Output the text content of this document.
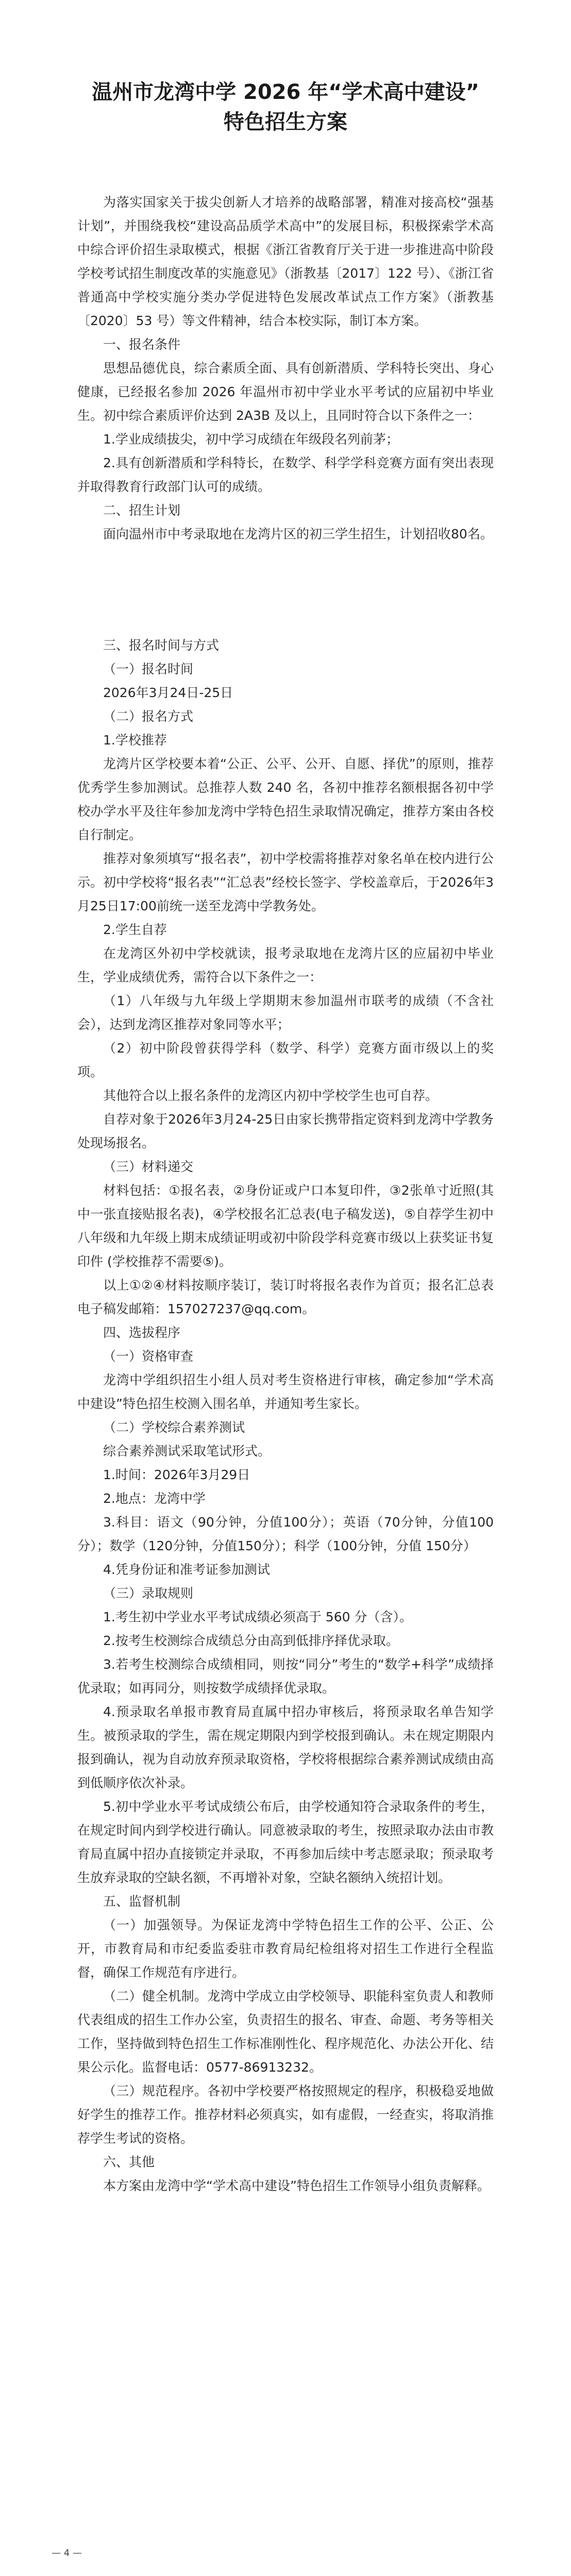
温州市龙湾中学 2026 年“学术高中建设”
特色招生方案

为落实国家关于拔尖创新人才培养的战略部署，精准对接高校“强基计划”，并围绕我校“建设高品质学术高中”的发展目标，积极探索学术高中综合评价招生录取模式，根据《浙江省教育厅关于进一步推进高中阶段学校考试招生制度改革的实施意见》（浙教基〔2017〕122 号）、《浙江省普通高中学校实施分类办学促进特色发展改革试点工作方案》（浙教基〔2020〕53 号）等文件精神，结合本校实际，制订本方案。

一、报名条件

思想品德优良，综合素质全面、具有创新潜质、学科特长突出、身心健康，已经报名参加 2026 年温州市初中学业水平考试的应届初中毕业生。初中综合素质评价达到 2A3B 及以上，且同时符合以下条件之一：

1.学业成绩拔尖，初中学习成绩在年级段名列前茅；

2.具有创新潜质和学科特长，在数学、科学学科竞赛方面有突出表现并取得教育行政部门认可的成绩。

二、招生计划

面向温州市中考录取地在龙湾片区的初三学生招生，计划招收80名。

三、报名时间与方式

（一）报名时间

2026年3月24日-25日

（二）报名方式

1.学校推荐

龙湾片区学校要本着“公正、公平、公开、自愿、择优”的原则，推荐优秀学生参加测试。总推荐人数 240 名，各初中推荐名额根据各初中学校办学水平及往年参加龙湾中学特色招生录取情况确定，推荐方案由各校自行制定。

推荐对象须填写“报名表”，初中学校需将推荐对象名单在校内进行公示。初中学校将“报名表”“汇总表”经校长签字、学校盖章后，于2026年3月25日17:00前统一送至龙湾中学教务处。

2.学生自荐

在龙湾区外初中学校就读，报考录取地在龙湾片区的应届初中毕业生，学业成绩优秀，需符合以下条件之一：

（1）八年级与九年级上学期期末参加温州市联考的成绩（不含社会），达到龙湾区推荐对象同等水平；

（2）初中阶段曾获得学科（数学、科学）竞赛方面市级以上的奖项。

其他符合以上报名条件的龙湾区内初中学校学生也可自荐。

自荐对象于2026年3月24-25日由家长携带指定资料到龙湾中学教务处现场报名。

（三）材料递交

材料包括：①报名表，②身份证或户口本复印件，③2张单寸近照(其中一张直接贴报名表)，④学校报名汇总表(电子稿发送)，⑤自荐学生初中八年级和九年级上期末成绩证明或初中阶段学科竞赛市级以上获奖证书复印件 (学校推荐不需要⑤)。

以上①②④材料按顺序装订，装订时将报名表作为首页；报名汇总表电子稿发邮箱：157027237@qq.com。

四、选拔程序

（一）资格审查

龙湾中学组织招生小组人员对考生资格进行审核，确定参加“学术高中建设”特色招生校测入围名单，并通知考生家长。

（二）学校综合素养测试

综合素养测试采取笔试形式。

1.时间：2026年3月29日

2.地点：龙湾中学

3.科目：语文（90分钟，分值100分）；英语（70分钟，分值100分）；数学（120分钟，分值150分）；科学（100分钟，分值 150分）

4.凭身份证和准考证参加测试

（三）录取规则

1.考生初中学业水平考试成绩必须高于 560 分（含）。

2.按考生校测综合成绩总分由高到低排序择优录取。

3.若考生校测综合成绩相同，则按“同分”考生的“数学+科学”成绩择优录取；如再同分，则按数学成绩择优录取。

4.预录取名单报市教育局直属中招办审核后，将预录取名单告知学生。被预录取的学生，需在规定期限内到学校报到确认。未在规定期限内报到确认，视为自动放弃预录取资格，学校将根据综合素养测试成绩由高到低顺序依次补录。

5.初中学业水平考试成绩公布后，由学校通知符合录取条件的考生，在规定时间内到学校进行确认。同意被录取的考生，按照录取办法由市教育局直属中招办直接锁定并录取，不再参加后续中考志愿录取；预录取考生放弃录取的空缺名额，不再增补对象，空缺名额纳入统招计划。

五、监督机制

（一）加强领导。为保证龙湾中学特色招生工作的公平、公正、公开，市教育局和市纪委监委驻市教育局纪检组将对招生工作进行全程监督，确保工作规范有序进行。

（二）健全机制。龙湾中学成立由学校领导、职能科室负责人和教师代表组成的招生工作办公室，负责招生的报名、审查、命题、考务等相关工作，坚持做到特色招生工作标准刚性化、程序规范化、办法公开化、结果公示化。监督电话：0577-86913232。

（三）规范程序。各初中学校要严格按照规定的程序，积极稳妥地做好学生的推荐工作。推荐材料必须真实，如有虚假，一经查实，将取消推荐学生考试的资格。

六、其他

本方案由龙湾中学“学术高中建设”特色招生工作领导小组负责解释。

— 4 —
